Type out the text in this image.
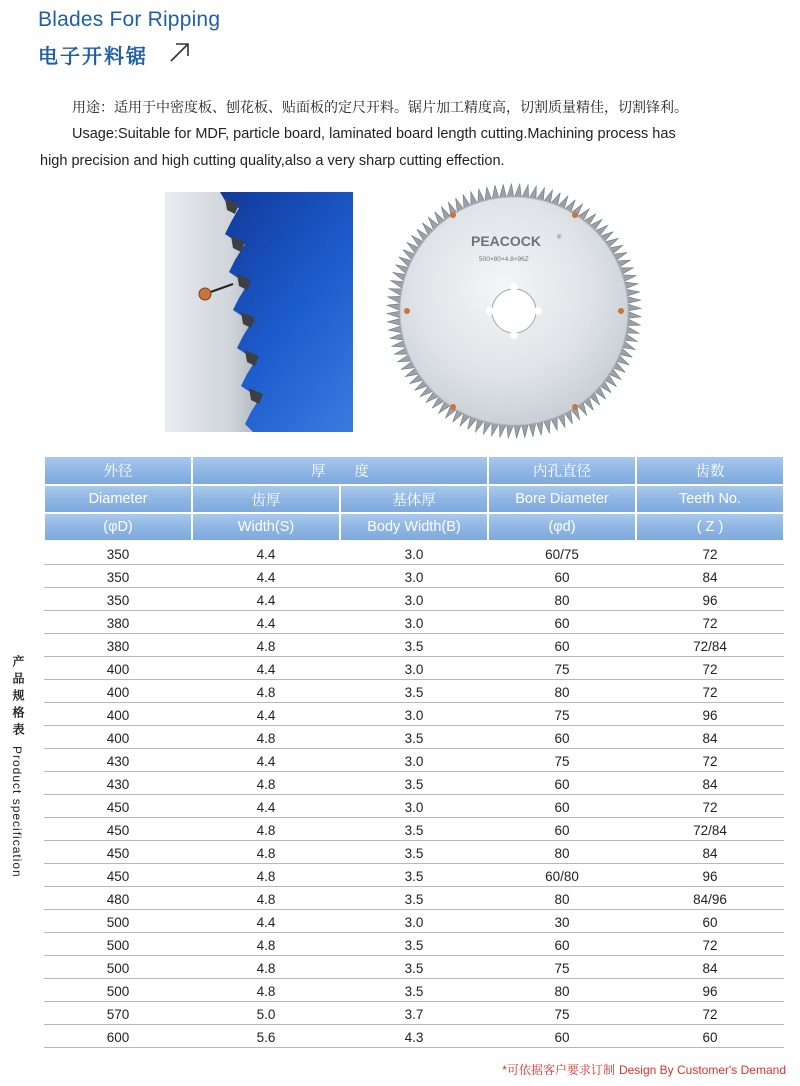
Blades For Ripping
电子开料锯
用途：适用于中密度板、刨花板、贴面板的定尺开料。锯片加工精度高，切割质量精佳，切割锋利。
Usage:Suitable for MDF, particle board, laminated board length cutting.Machining process has
high precision and high cutting quality,also a very sharp cutting effection.
PEACOCK	®
500×80×4.8×96Z
产品规格表
Product specification
外径	厚　　度		内孔直径	齿数
Diameter	齿厚	基体厚	Bore Diameter	Teeth No.
(φD)	Width(S)	Body Width(B)	(φd)	( Z )
350	4.4	3.0	60/75	72
350	4.4	3.0	60	84
350	4.4	3.0	80	96
380	4.4	3.0	60	72
380	4.8	3.5	60	72/84
400	4.4	3.0	75	72
400	4.8	3.5	80	72
400	4.4	3.0	75	96
400	4.8	3.5	60	84
430	4.4	3.0	75	72
430	4.8	3.5	60	84
450	4.4	3.0	60	72
450	4.8	3.5	60	72/84
450	4.8	3.5	80	84
450	4.8	3.5	60/80	96
480	4.8	3.5	80	84/96
500	4.4	3.0	30	60
500	4.8	3.5	60	72
500	4.8	3.5	75	84
500	4.8	3.5	80	96
570	5.0	3.7	75	72
600	5.6	4.3	60	60
*可依据客户要求订制 Design By Customer's Demand
